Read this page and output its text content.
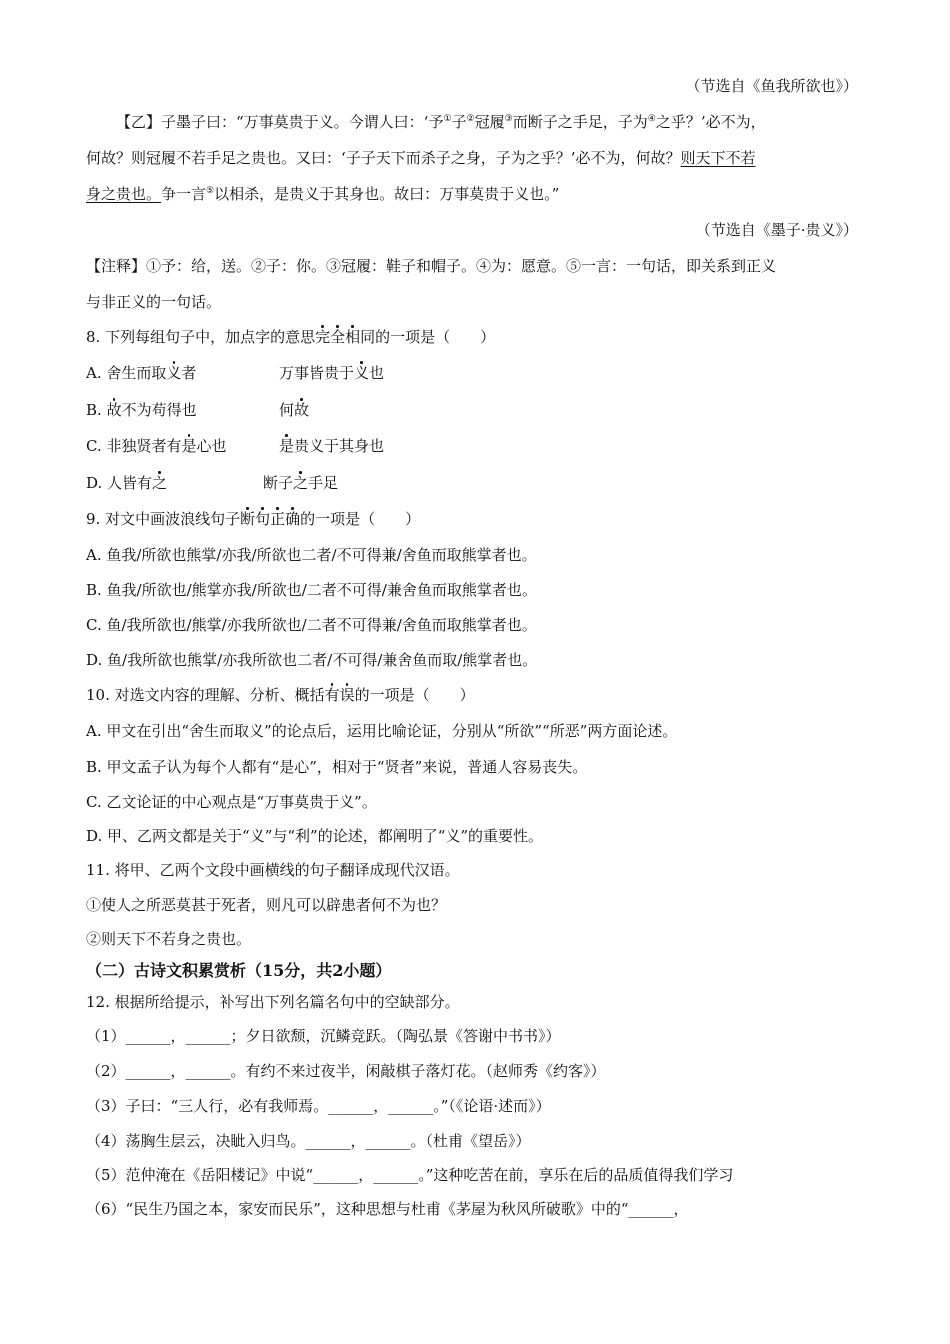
（节选自《鱼我所欲也》）
【乙】子墨子曰：“万事莫贵于义。今谓人曰：‘予①子②冠履③而断子之手足，子为④之乎？’必不为，
何故？则冠履不若手足之贵也。又曰：‘子子天下而杀子之身，子为之乎？’必不为，何故？则天下不若
身之贵也。争一言⑤以相杀，是贵义于其身也。故曰：万事莫贵于义也。”
（节选自《墨子·贵义》）
【注释】①予：给，送。②子：你。③冠履：鞋子和帽子。④为：愿意。⑤一言：一句话，即关系到正义
与非正义的一句话。
8. 下列每组句子中，加点字的意思完全相同的一项是（　　）
A. 舍生而取义者	万事皆贵于义也
B. 故不为苟得也	何故
C. 非独贤者有是心也	是贵义于其身也
D. 人皆有之	断子之手足
9. 对文中画波浪线句子断句正确的一项是（　　）
A. 鱼我/所欲也熊掌/亦我/所欲也二者/不可得兼/舍鱼而取熊掌者也。
B. 鱼我/所欲也/熊掌亦我/所欲也/二者不可得/兼舍鱼而取熊掌者也。
C. 鱼/我所欲也/熊掌/亦我所欲也/二者不可得兼/舍鱼而取熊掌者也。
D. 鱼/我所欲也熊掌/亦我所欲也二者/不可得/兼舍鱼而取/熊掌者也。
10. 对选文内容的理解、分析、概括有误的一项是（　　）
A. 甲文在引出“舍生而取义”的论点后，运用比喻论证，分别从“所欲”“所恶”两方面论述。
B. 甲文孟子认为每个人都有“是心”，相对于“贤者”来说，普通人容易丧失。
C. 乙文论证的中心观点是“万事莫贵于义”。
D. 甲、乙两文都是关于“义”与“利”的论述，都阐明了“义”的重要性。
11. 将甲、乙两个文段中画横线的句子翻译成现代汉语。
①使人之所恶莫甚于死者，则凡可以辟患者何不为也？
②则天下不若身之贵也。
（二）古诗文积累赏析（15分，共2小题）
12. 根据所给提示，补写出下列名篇名句中的空缺部分。
（1）______，______；夕日欲颓，沉鳞竞跃。（陶弘景《答谢中书书》）
（2）______，______。有约不来过夜半，闲敲棋子落灯花。（赵师秀《约客》）
（3）子曰：“三人行，必有我师焉。______，______。”（《论语·述而》）
（4）荡胸生层云，决眦入归鸟。______，______。（杜甫《望岳》）
（5）范仲淹在《岳阳楼记》中说“______，______。”这种吃苦在前，享乐在后的品质值得我们学习
（6）“民生乃国之本，家安而民乐”，这种思想与杜甫《茅屋为秋风所破歌》中的“______，
